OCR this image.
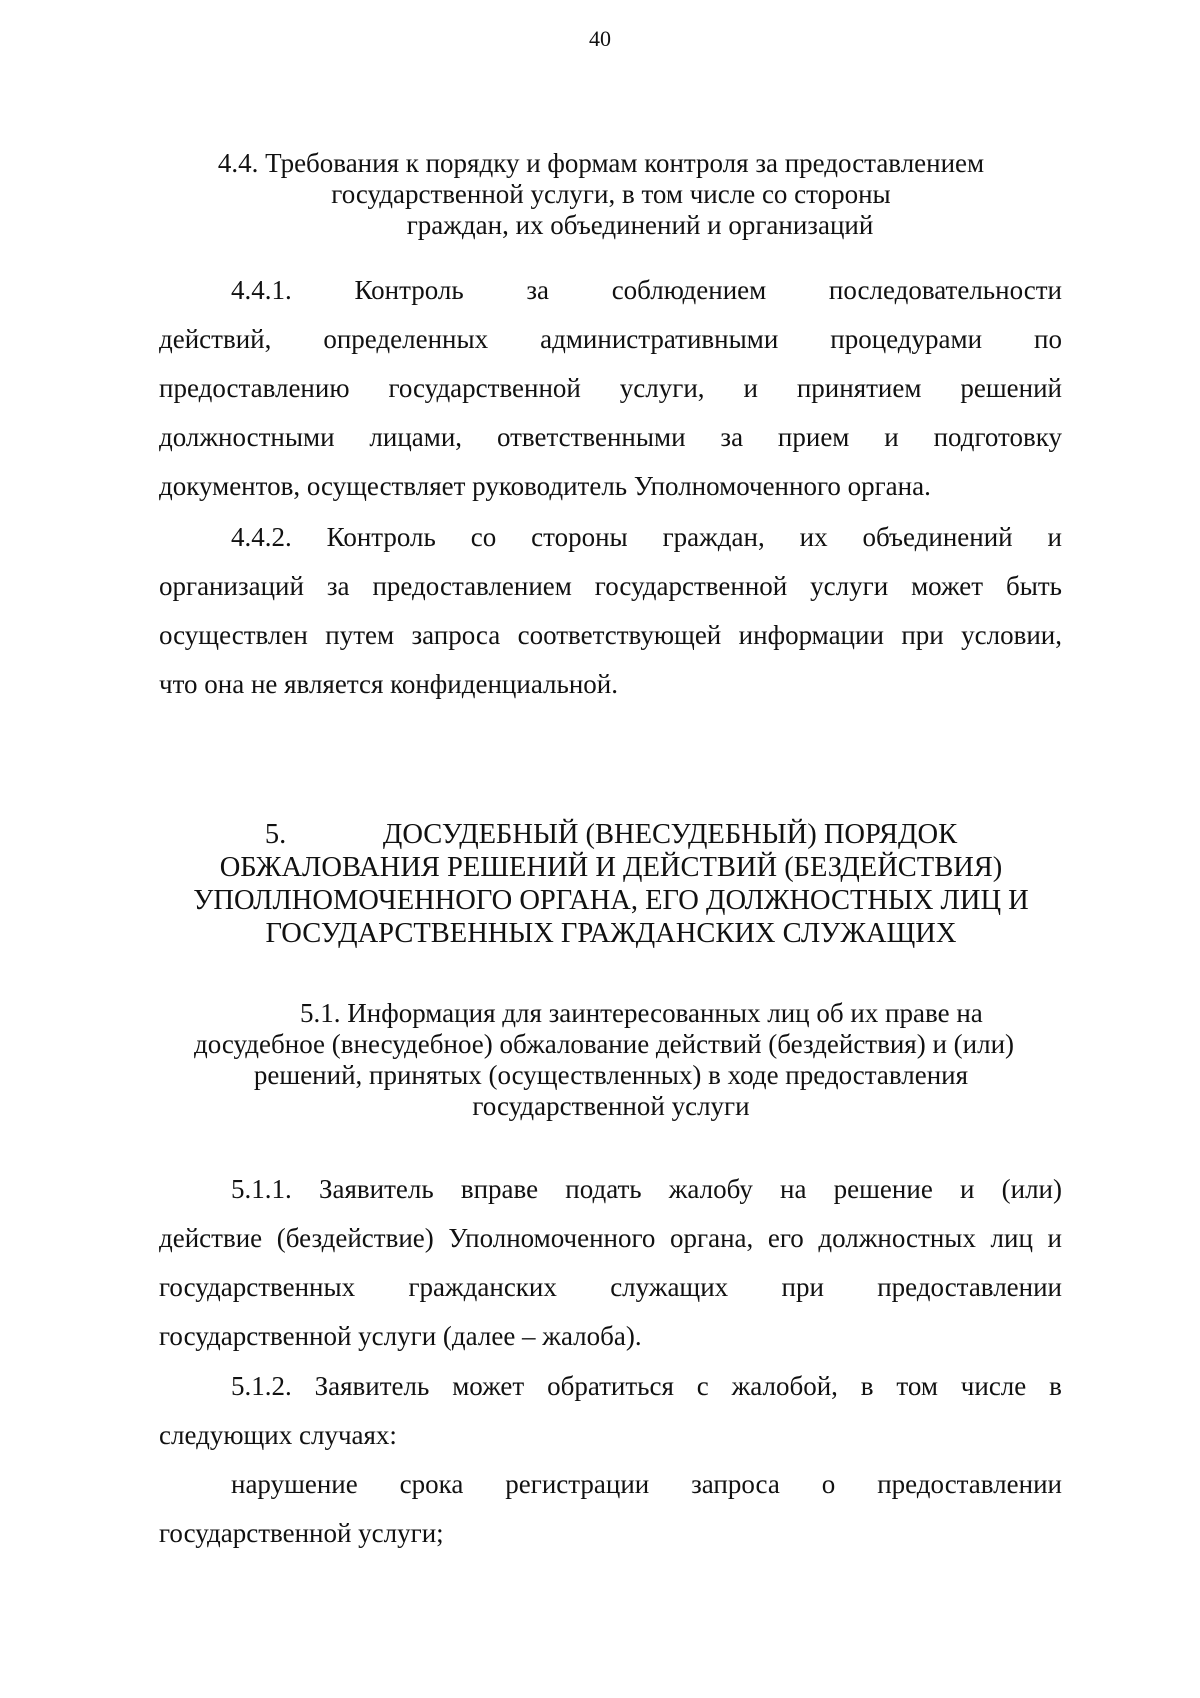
40
4.4. Требования к порядку и формам контроля за предоставлением
государственной услуги, в том числе со стороны
граждан, их объединений и организаций
4.4.1. Контроль за соблюдением последовательности
действий, определенных административными процедурами по
предоставлению государственной услуги, и принятием решений
должностными лицами, ответственными за прием и подготовку
документов, осуществляет руководитель Уполномоченного органа.
4.4.2. Контроль со стороны граждан, их объединений и
организаций за предоставлением государственной услуги может быть
осуществлен путем запроса соответствующей информации при условии,
что она не является конфиденциальной.
5.	ДОСУДЕБНЫЙ (ВНЕСУДЕБНЫЙ) ПОРЯДОК
ОБЖАЛОВАНИЯ РЕШЕНИЙ И ДЕЙСТВИЙ (БЕЗДЕЙСТВИЯ)
УПОЛЛНОМОЧЕННОГО ОРГАНА, ЕГО ДОЛЖНОСТНЫХ ЛИЦ И
ГОСУДАРСТВЕННЫХ ГРАЖДАНСКИХ СЛУЖАЩИХ
5.1. Информация для заинтересованных лиц об их праве на
досудебное (внесудебное) обжалование действий (бездействия) и (или)
решений, принятых (осуществленных) в ходе предоставления
государственной услуги
5.1.1. Заявитель вправе подать жалобу на решение и (или)
действие (бездействие) Уполномоченного органа, его должностных лиц и
государственных гражданских служащих при предоставлении
государственной услуги (далее – жалоба).
5.1.2. Заявитель может обратиться с жалобой, в том числе в
следующих случаях:
нарушение срока регистрации запроса о предоставлении
государственной услуги;
